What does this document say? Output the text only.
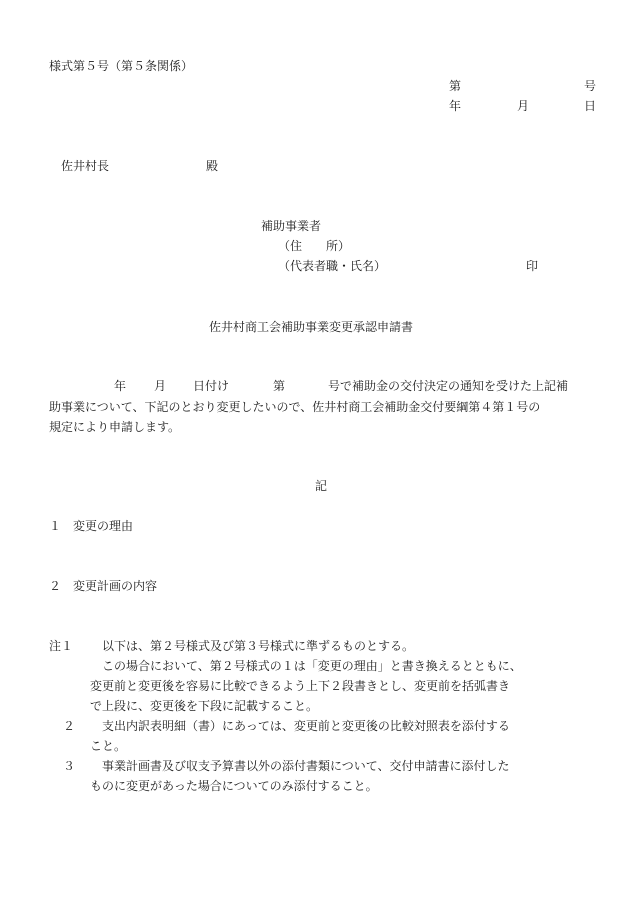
様式第５号（第５条関係）
第	号
年	月	日
佐井村長	殿
補助事業者
（住　　所）
（代表者職・氏名）	印
佐井村商工会補助事業変更承認申請書
年 月 日付け	第	号で補助金の交付決定の通知を受けた上記補
助事業について、下記のとおり変更したいので、佐井村商工会補助金交付要綱第４第１号の
規定により申請します。
記
１ 変更の理由
２ 変更計画の内容
注１ 以下は、第２号様式及び第３号様式に準ずるものとする。
この場合において、第２号様式の１は「変更の理由」と書き換えるとともに、
変更前と変更後を容易に比較できるよう上下２段書きとし、変更前を括弧書き
で上段に、変更後を下段に記載すること。
２ 支出内訳表明細（書）にあっては、変更前と変更後の比較対照表を添付する
こと。
３ 事業計画書及び収支予算書以外の添付書類について、交付申請書に添付した
ものに変更があった場合についてのみ添付すること。
